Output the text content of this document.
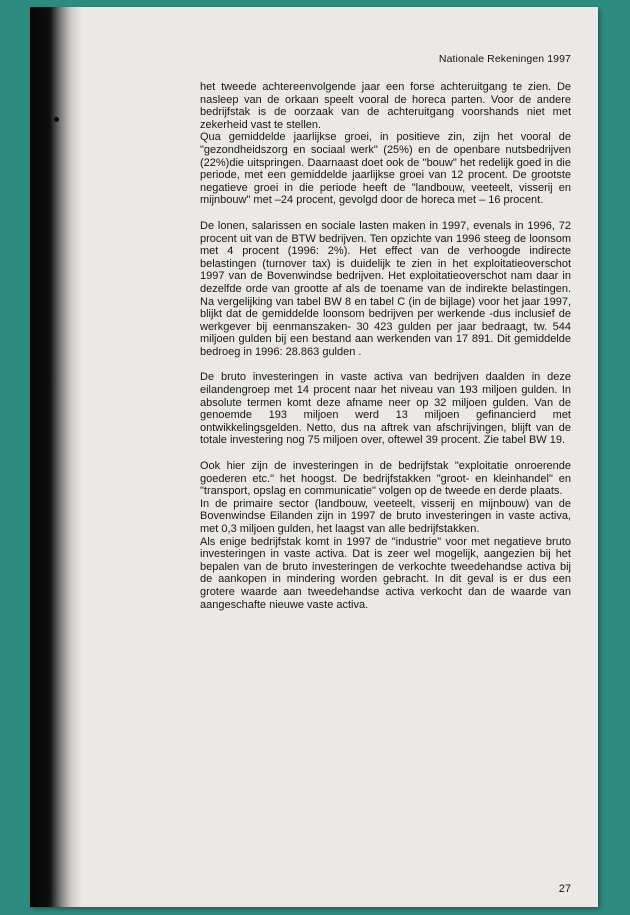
Nationale Rekeningen 1997

het tweede achtereenvolgende jaar een forse achteruitgang te zien. De nasleep van de orkaan speelt vooral de horeca parten. Voor de andere bedrijfstak is de oorzaak van de achteruitgang voorshands niet met zekerheid vast te stellen.

Qua gemiddelde jaarlijkse groei, in positieve zin, zijn het vooral de "gezondheidszorg en sociaal werk" (25%) en de openbare nutsbedrijven (22%)die uitspringen. Daarnaast doet ook de "bouw" het redelijk goed in die periode, met een gemiddelde jaarlijkse groei van 12 procent. De grootste negatieve groei in die periode heeft de "landbouw, veeteelt, visserij en mijnbouw" met –24 procent, gevolgd door de horeca met – 16 procent.

De lonen, salarissen en sociale lasten maken in 1997, evenals in 1996, 72 procent uit van de BTW bedrijven. Ten opzichte van 1996 steeg de loonsom met 4 procent (1996: 2%). Het effect van de verhoogde indirecte belastingen (turnover tax) is duidelijk te zien in het exploitatieoverschot 1997 van de Bovenwindse bedrijven. Het exploitatieoverschot nam daar in dezelfde orde van grootte af als de toename van de indirekte belastingen. Na vergelijking van tabel BW 8 en tabel C (in de bijlage) voor het jaar 1997, blijkt dat de gemiddelde loonsom bedrijven per werkende -dus inclusief de werkgever bij eenmanszaken- 30 423 gulden per jaar bedraagt, tw. 544 miljoen gulden bij een bestand aan werkenden van 17 891. Dit gemiddelde bedroeg in 1996: 28.863 gulden .

De bruto investeringen in vaste activa van bedrijven daalden in deze eilandengroep met 14 procent naar het niveau van 193 miljoen gulden. In absolute termen komt deze afname neer op 32 miljoen gulden. Van de genoemde 193 miljoen werd 13 miljoen gefinancierd met ontwikkelingsgelden. Netto, dus na aftrek van afschrijvingen, blijft van de totale investering nog 75 miljoen over, oftewel 39 procent. Zie tabel BW 19.

Ook hier zijn de investeringen in de bedrijfstak "exploitatie onroerende goederen etc." het hoogst. De bedrijfstakken "groot- en kleinhandel" en "transport, opslag en communicatie" volgen op de tweede en derde plaats.

In de primaire sector (landbouw, veeteelt, visserij en mijnbouw) van de Bovenwindse Eilanden zijn in 1997 de bruto investeringen in vaste activa, met 0,3 miljoen gulden, het laagst van alle bedrijfstakken.

Als enige bedrijfstak komt in 1997 de "industrie" voor met negatieve bruto investeringen in vaste activa. Dat is zeer wel mogelijk, aangezien bij het bepalen van de bruto investeringen de verkochte tweedehandse activa bij de aankopen in mindering worden gebracht. In dit geval is er dus een grotere waarde aan tweedehandse activa verkocht dan de waarde van aangeschafte nieuwe vaste activa.

27
